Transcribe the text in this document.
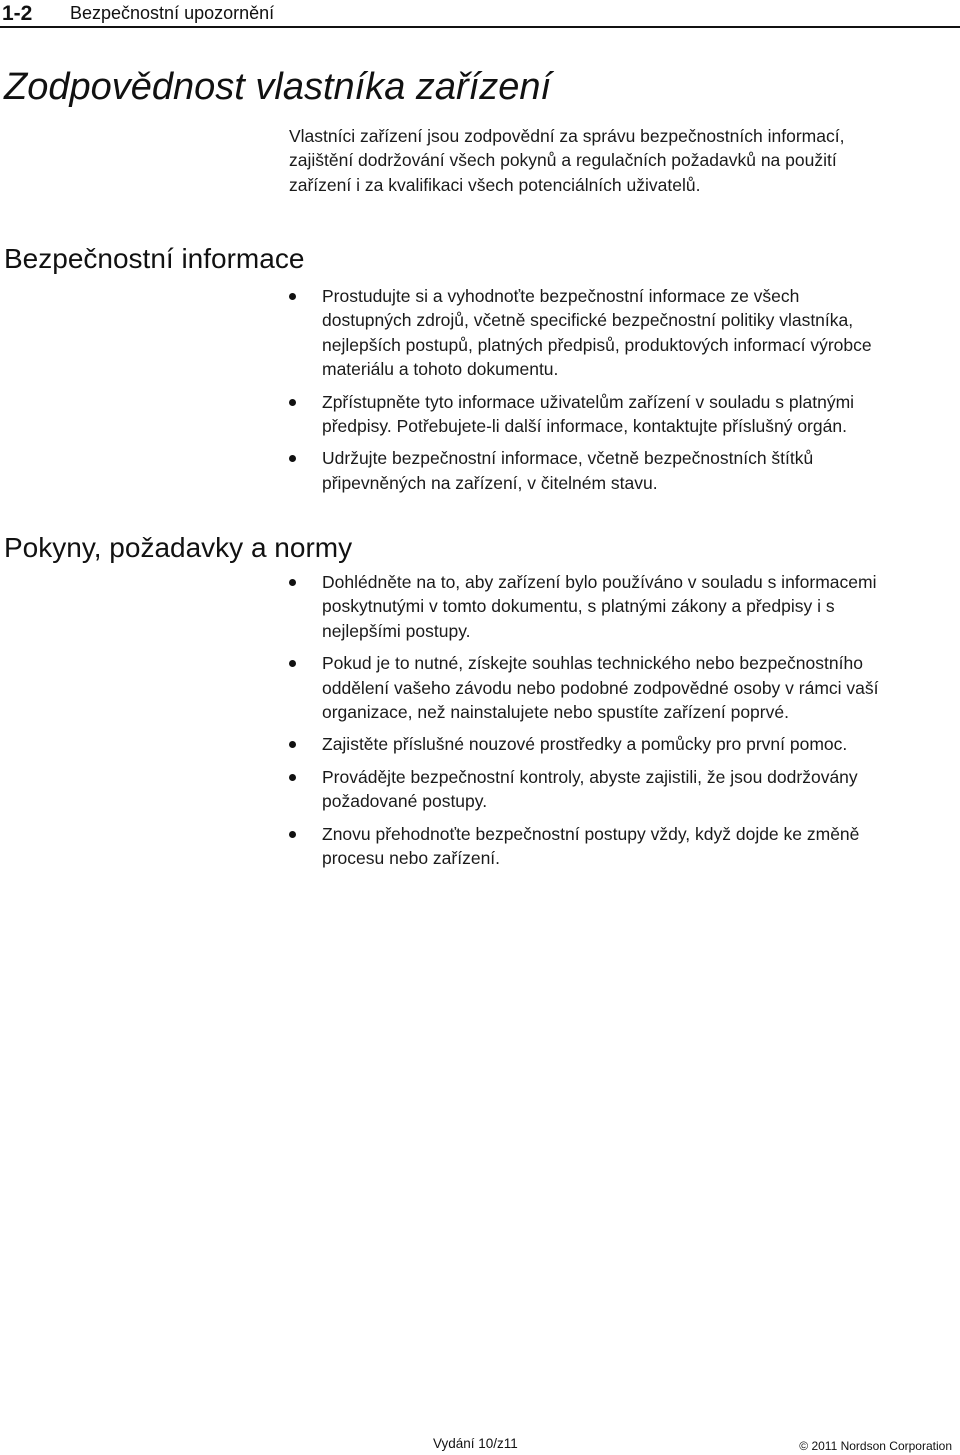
1-2 Bezpečnostní upozornění
Zodpovědnost vlastníka zařízení

Vlastníci zařízení jsou zodpovědní za správu bezpečnostních informací,
zajištění dodržování všech pokynů a regulačních požadavků na použití
zařízení i za kvalifikaci všech potenciálních uživatelů.

Bezpečnostní informace
Prostudujte si a vyhodnoťte bezpečnostní informace ze všech
dostupných zdrojů, včetně specifické bezpečnostní politiky vlastníka,
nejlepších postupů, platných předpisů, produktových informací výrobce
materiálu a tohoto dokumentu.
Zpřístupněte tyto informace uživatelům zařízení v souladu s platnými
předpisy. Potřebujete-li další informace, kontaktujte příslušný orgán.
Udržujte bezpečnostní informace, včetně bezpečnostních štítků
připevněných na zařízení, v čitelném stavu.
Pokyny, požadavky a normy
Dohlédněte na to, aby zařízení bylo používáno v souladu s informacemi
poskytnutými v tomto dokumentu, s platnými zákony a předpisy i s
nejlepšími postupy.
Pokud je to nutné, získejte souhlas technického nebo bezpečnostního
oddělení vašeho závodu nebo podobné zodpovědné osoby v rámci vaší
organizace, než nainstalujete nebo spustíte zařízení poprvé.
Zajistěte příslušné nouzové prostředky a pomůcky pro první pomoc.
Provádějte bezpečnostní kontroly, abyste zajistili, že jsou dodržovány
požadované postupy.
Znovu přehodnoťte bezpečnostní postupy vždy, když dojde ke změně
procesu nebo zařízení.
Vydání 10/z11	© 2011 Nordson Corporation
